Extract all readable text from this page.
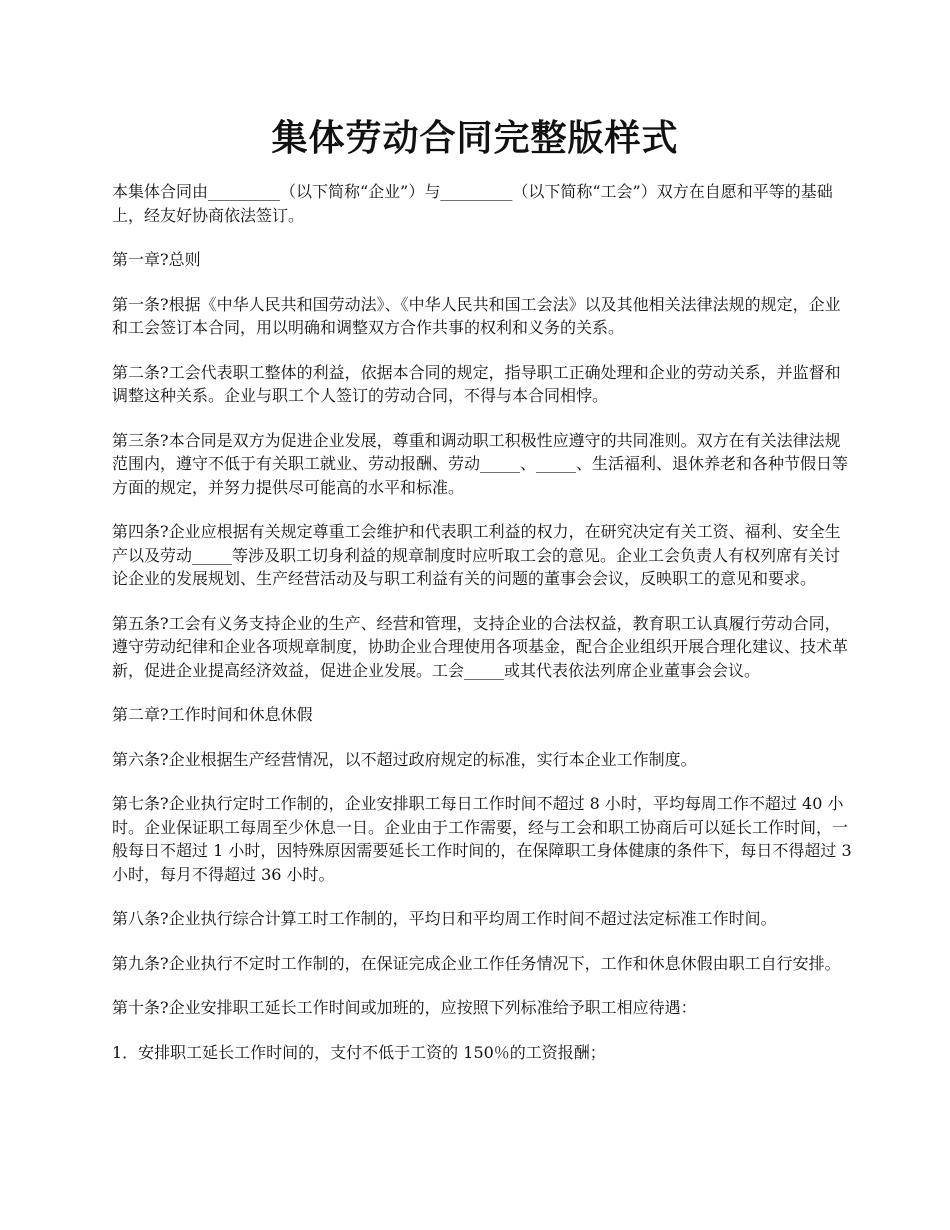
集体劳动合同完整版样式

本集体合同由_________（以下简称“企业”）与_________（以下简称“工会”）双方在自愿和平等的基础上，经友好协商依法签订。

第一章?总则

第一条?根据《中华人民共和国劳动法》、《中华人民共和国工会法》以及其他相关法律法规的规定，企业和工会签订本合同，用以明确和调整双方合作共事的权利和义务的关系。

第二条?工会代表职工整体的利益，依据本合同的规定，指导职工正确处理和企业的劳动关系，并监督和调整这种关系。企业与职工个人签订的劳动合同，不得与本合同相悖。

第三条?本合同是双方为促进企业发展，尊重和调动职工积极性应遵守的共同准则。双方在有关法律法规范围内，遵守不低于有关职工就业、劳动报酬、劳动_____、_____、生活福利、退休养老和各种节假日等方面的规定，并努力提供尽可能高的水平和标准。

第四条?企业应根据有关规定尊重工会维护和代表职工利益的权力，在研究决定有关工资、福利、安全生产以及劳动_____等涉及职工切身利益的规章制度时应听取工会的意见。企业工会负责人有权列席有关讨论企业的发展规划、生产经营活动及与职工利益有关的问题的董事会会议，反映职工的意见和要求。

第五条?工会有义务支持企业的生产、经营和管理，支持企业的合法权益，教育职工认真履行劳动合同，遵守劳动纪律和企业各项规章制度，协助企业合理使用各项基金，配合企业组织开展合理化建议、技术革新，促进企业提高经济效益，促进企业发展。工会_____或其代表依法列席企业董事会会议。

第二章?工作时间和休息休假

第六条?企业根据生产经营情况，以不超过政府规定的标准，实行本企业工作制度。

第七条?企业执行定时工作制的，企业安排职工每日工作时间不超过 8 小时，平均每周工作不超过 40 小时。企业保证职工每周至少休息一日。企业由于工作需要，经与工会和职工协商后可以延长工作时间，一般每日不超过 1 小时，因特殊原因需要延长工作时间的，在保障职工身体健康的条件下，每日不得超过 3 小时，每月不得超过 36 小时。

第八条?企业执行综合计算工时工作制的，平均日和平均周工作时间不超过法定标准工作时间。

第九条?企业执行不定时工作制的，在保证完成企业工作任务情况下，工作和休息休假由职工自行安排。

第十条?企业安排职工延长工作时间或加班的，应按照下列标准给予职工相应待遇：

1．安排职工延长工作时间的，支付不低于工资的 150％的工资报酬；
